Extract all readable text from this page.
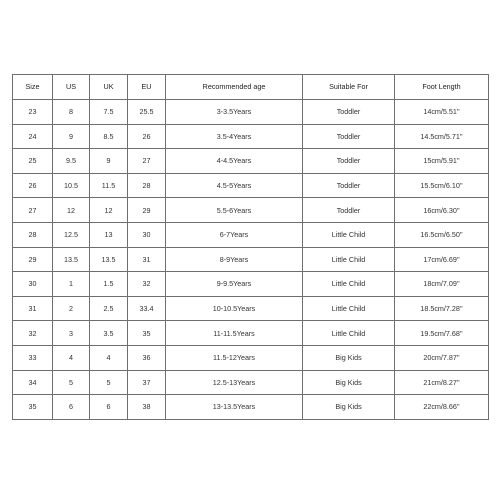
Size	US	UK	EU	Recommended age	Suitable For	Foot Length
23	8	7.5	25.5	3-3.5Years	Toddler	14cm/5.51''
24	9	8.5	26	3.5-4Years	Toddler	14.5cm/5.71''
25	9.5	9	27	4-4.5Years	Toddler	15cm/5.91''
26	10.5	11.5	28	4.5-5Years	Toddler	15.5cm/6.10''
27	12	12	29	5.5-6Years	Toddler	16cm/6.30''
28	12.5	13	30	6-7Years	Little Child	16.5cm/6.50''
29	13.5	13.5	31	8-9Years	Little Child	17cm/6.69''
30	1	1.5	32	9-9.5Years	Little Child	18cm/7.09''
31	2	2.5	33.4	10-10.5Years	Little Child	18.5cm/7.28''
32	3	3.5	35	11-11.5Years	Little Child	19.5cm/7.68''
33	4	4	36	11.5-12Years	Big Kids	20cm/7.87''
34	5	5	37	12.5-13Years	Big Kids	21cm/8.27''
35	6	6	38	13-13.5Years	Big Kids	22cm/8.66''
